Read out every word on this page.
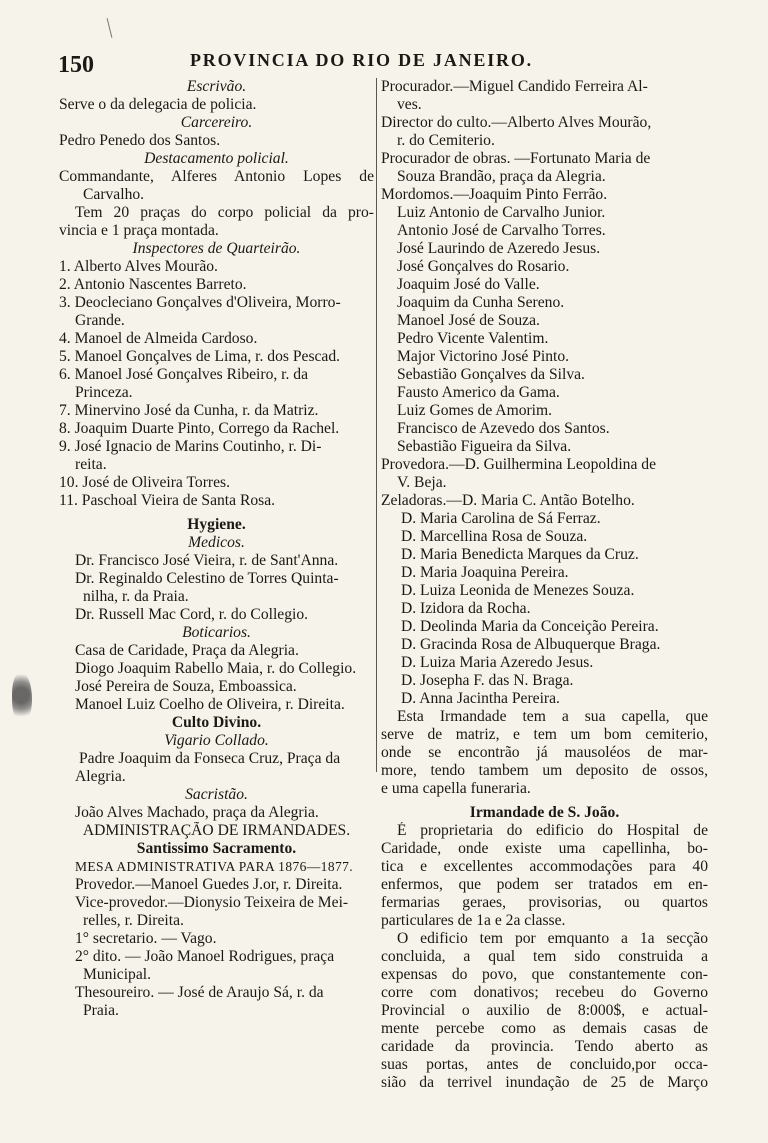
150	PROVINCIA DO RIO DE JANEIRO.
Escrivão.
Serve o da delegacia de policia.
Carcereiro.
Pedro Penedo dos Santos.
Destacamento policial.
Commandante, Alferes Antonio Lopes de
Carvalho.
Tem 20 praças do corpo policial da pro-
vincia e 1 praça montada.
Inspectores de Quarteirão.
1. Alberto Alves Mourão.
2. Antonio Nascentes Barreto.
3. Deocleciano Gonçalves d'Oliveira, Morro-
Grande.
4. Manoel de Almeida Cardoso.
5. Manoel Gonçalves de Lima, r. dos Pescad.
6. Manoel José Gonçalves Ribeiro, r. da
Princeza.
7. Minervino José da Cunha, r. da Matriz.
8. Joaquim Duarte Pinto, Corrego da Rachel.
9. José Ignacio de Marins Coutinho, r. Di-
reita.
10. José de Oliveira Torres.
11. Paschoal Vieira de Santa Rosa.
Hygiene.
Medicos.
Dr. Francisco José Vieira, r. de Sant'Anna.
Dr. Reginaldo Celestino de Torres Quinta-
nilha, r. da Praia.
Dr. Russell Mac Cord, r. do Collegio.
Boticarios.
Casa de Caridade, Praça da Alegria.
Diogo Joaquim Rabello Maia, r. do Collegio.
José Pereira de Souza, Emboassica.
Manoel Luiz Coelho de Oliveira, r. Direita.
Culto Divino.
Vigario Collado.
Padre Joaquim da Fonseca Cruz, Praça da
Alegria.
Sacristão.
João Alves Machado, praça da Alegria.
ADMINISTRAÇÃO DE IRMANDADES.
Santissimo Sacramento.
MESA ADMINISTRATIVA PARA 1876—1877.
Provedor.—Manoel Guedes J.or, r. Direita.
Vice-provedor.—Dionysio Teixeira de Mei-
relles, r. Direita.
1° secretario. — Vago.
2° dito. — João Manoel Rodrigues, praça
Municipal.
Thesoureiro. — José de Araujo Sá, r. da
Praia.
Procurador.—Miguel Candido Ferreira Al-
ves.
Director do culto.—Alberto Alves Mourão,
r. do Cemiterio.
Procurador de obras. —Fortunato Maria de
Souza Brandão, praça da Alegria.
Mordomos.—Joaquim Pinto Ferrão.
Luiz Antonio de Carvalho Junior.
Antonio José de Carvalho Torres.
José Laurindo de Azeredo Jesus.
José Gonçalves do Rosario.
Joaquim José do Valle.
Joaquim da Cunha Sereno.
Manoel José de Souza.
Pedro Vicente Valentim.
Major Victorino José Pinto.
Sebastião Gonçalves da Silva.
Fausto Americo da Gama.
Luiz Gomes de Amorim.
Francisco de Azevedo dos Santos.
Sebastião Figueira da Silva.
Provedora.—D. Guilhermina Leopoldina de
V. Beja.
Zeladoras.—D. Maria C. Antão Botelho.
D. Maria Carolina de Sá Ferraz.
D. Marcellina Rosa de Souza.
D. Maria Benedicta Marques da Cruz.
D. Maria Joaquina Pereira.
D. Luiza Leonida de Menezes Souza.
D. Izidora da Rocha.
D. Deolinda Maria da Conceição Pereira.
D. Gracinda Rosa de Albuquerque Braga.
D. Luiza Maria Azeredo Jesus.
D. Josepha F. das N. Braga.
D. Anna Jacintha Pereira.
Esta Irmandade tem a sua capella, que
serve de matriz, e tem um bom cemiterio,
onde se encontrão já mausoléos de mar-
more, tendo tambem um deposito de ossos,
e uma capella funeraria.
Irmandade de S. João.
É proprietaria do edificio do Hospital de
Caridade, onde existe uma capellinha, bo-
tica e excellentes accommodações para 40
enfermos, que podem ser tratados em en-
fermarias geraes, provisorias, ou quartos
particulares de 1a e 2a classe.
O edificio tem por emquanto a 1a secção
concluida, a qual tem sido construida a
expensas do povo, que constantemente con-
corre com donativos; recebeu do Governo
Provincial o auxilio de 8:000$, e actual-
mente percebe como as demais casas de
caridade da provincia. Tendo aberto as
suas portas, antes de concluido,por occa-
sião da terrivel inundação de 25 de Março
